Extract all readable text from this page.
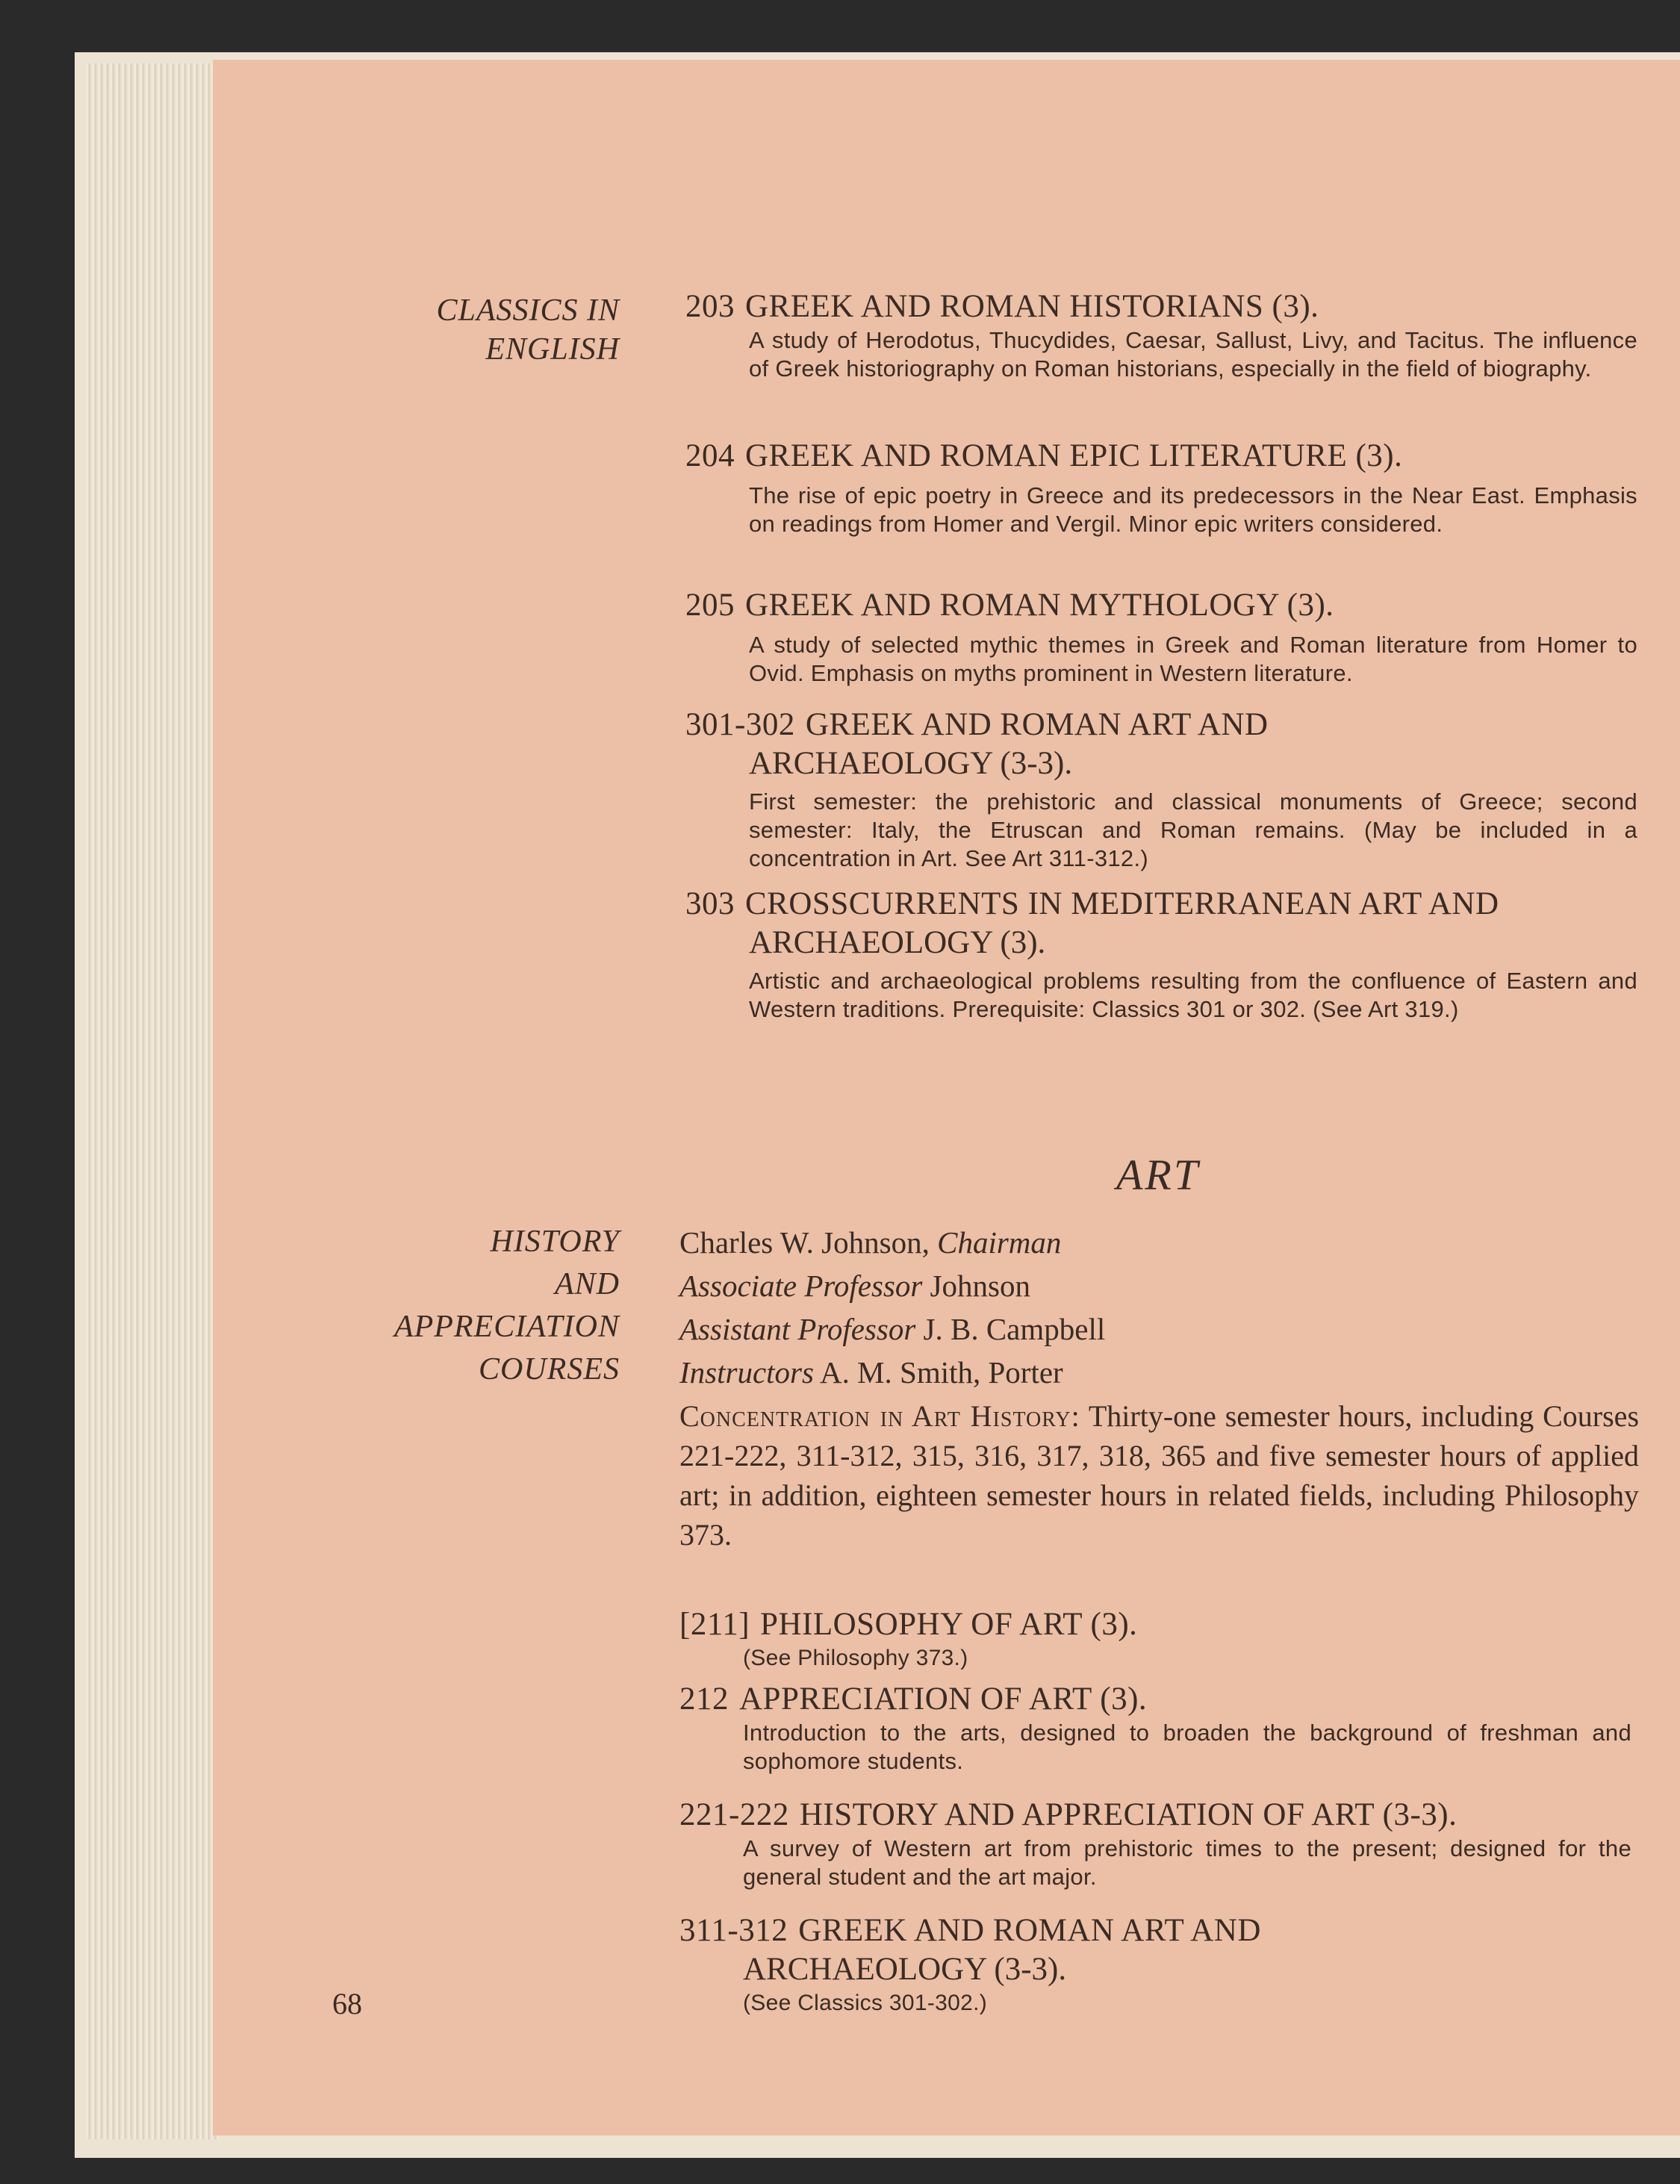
CLASSICS IN
ENGLISH
HISTORY
AND
APPRECIATION
COURSES
203 GREEK AND ROMAN HISTORIANS (3).
A study of Herodotus, Thucydides, Caesar, Sallust, Livy, and Tacitus. The influence of Greek historiography on Roman historians, especially in the field of biography.
204 GREEK AND ROMAN EPIC LITERATURE (3).
The rise of epic poetry in Greece and its predecessors in the Near East. Emphasis on readings from Homer and Vergil. Minor epic writers considered.
205 GREEK AND ROMAN MYTHOLOGY (3).
A study of selected mythic themes in Greek and Roman literature from Homer to Ovid. Emphasis on myths prominent in Western literature.
301-302 GREEK AND ROMAN ART AND
ARCHAEOLOGY (3-3).
First semester: the prehistoric and classical monuments of Greece; second semester: Italy, the Etruscan and Roman remains. (May be included in a concentration in Art. See Art 311-312.)
303 CROSSCURRENTS IN MEDITERRANEAN ART AND
ARCHAEOLOGY (3).
Artistic and archaeological problems resulting from the confluence of Eastern and Western traditions. Prerequisite: Classics 301 or 302. (See Art 319.)
ART
Charles W. Johnson, Chairman
Associate Professor Johnson
Assistant Professor J. B. Campbell
Instructors A. M. Smith, Porter
Concentration in Art History: Thirty-one semester hours, including Courses 221-222, 311-312, 315, 316, 317, 318, 365 and five semester hours of applied art; in addition, eighteen semester hours in related fields, including Philosophy 373.
[211] PHILOSOPHY OF ART (3).
(See Philosophy 373.)
212 APPRECIATION OF ART (3).
Introduction to the arts, designed to broaden the background of freshman and sophomore students.
221-222 HISTORY AND APPRECIATION OF ART (3-3).
A survey of Western art from prehistoric times to the present; designed for the general student and the art major.
311-312 GREEK AND ROMAN ART AND
ARCHAEOLOGY (3-3).
(See Classics 301-302.)
68
